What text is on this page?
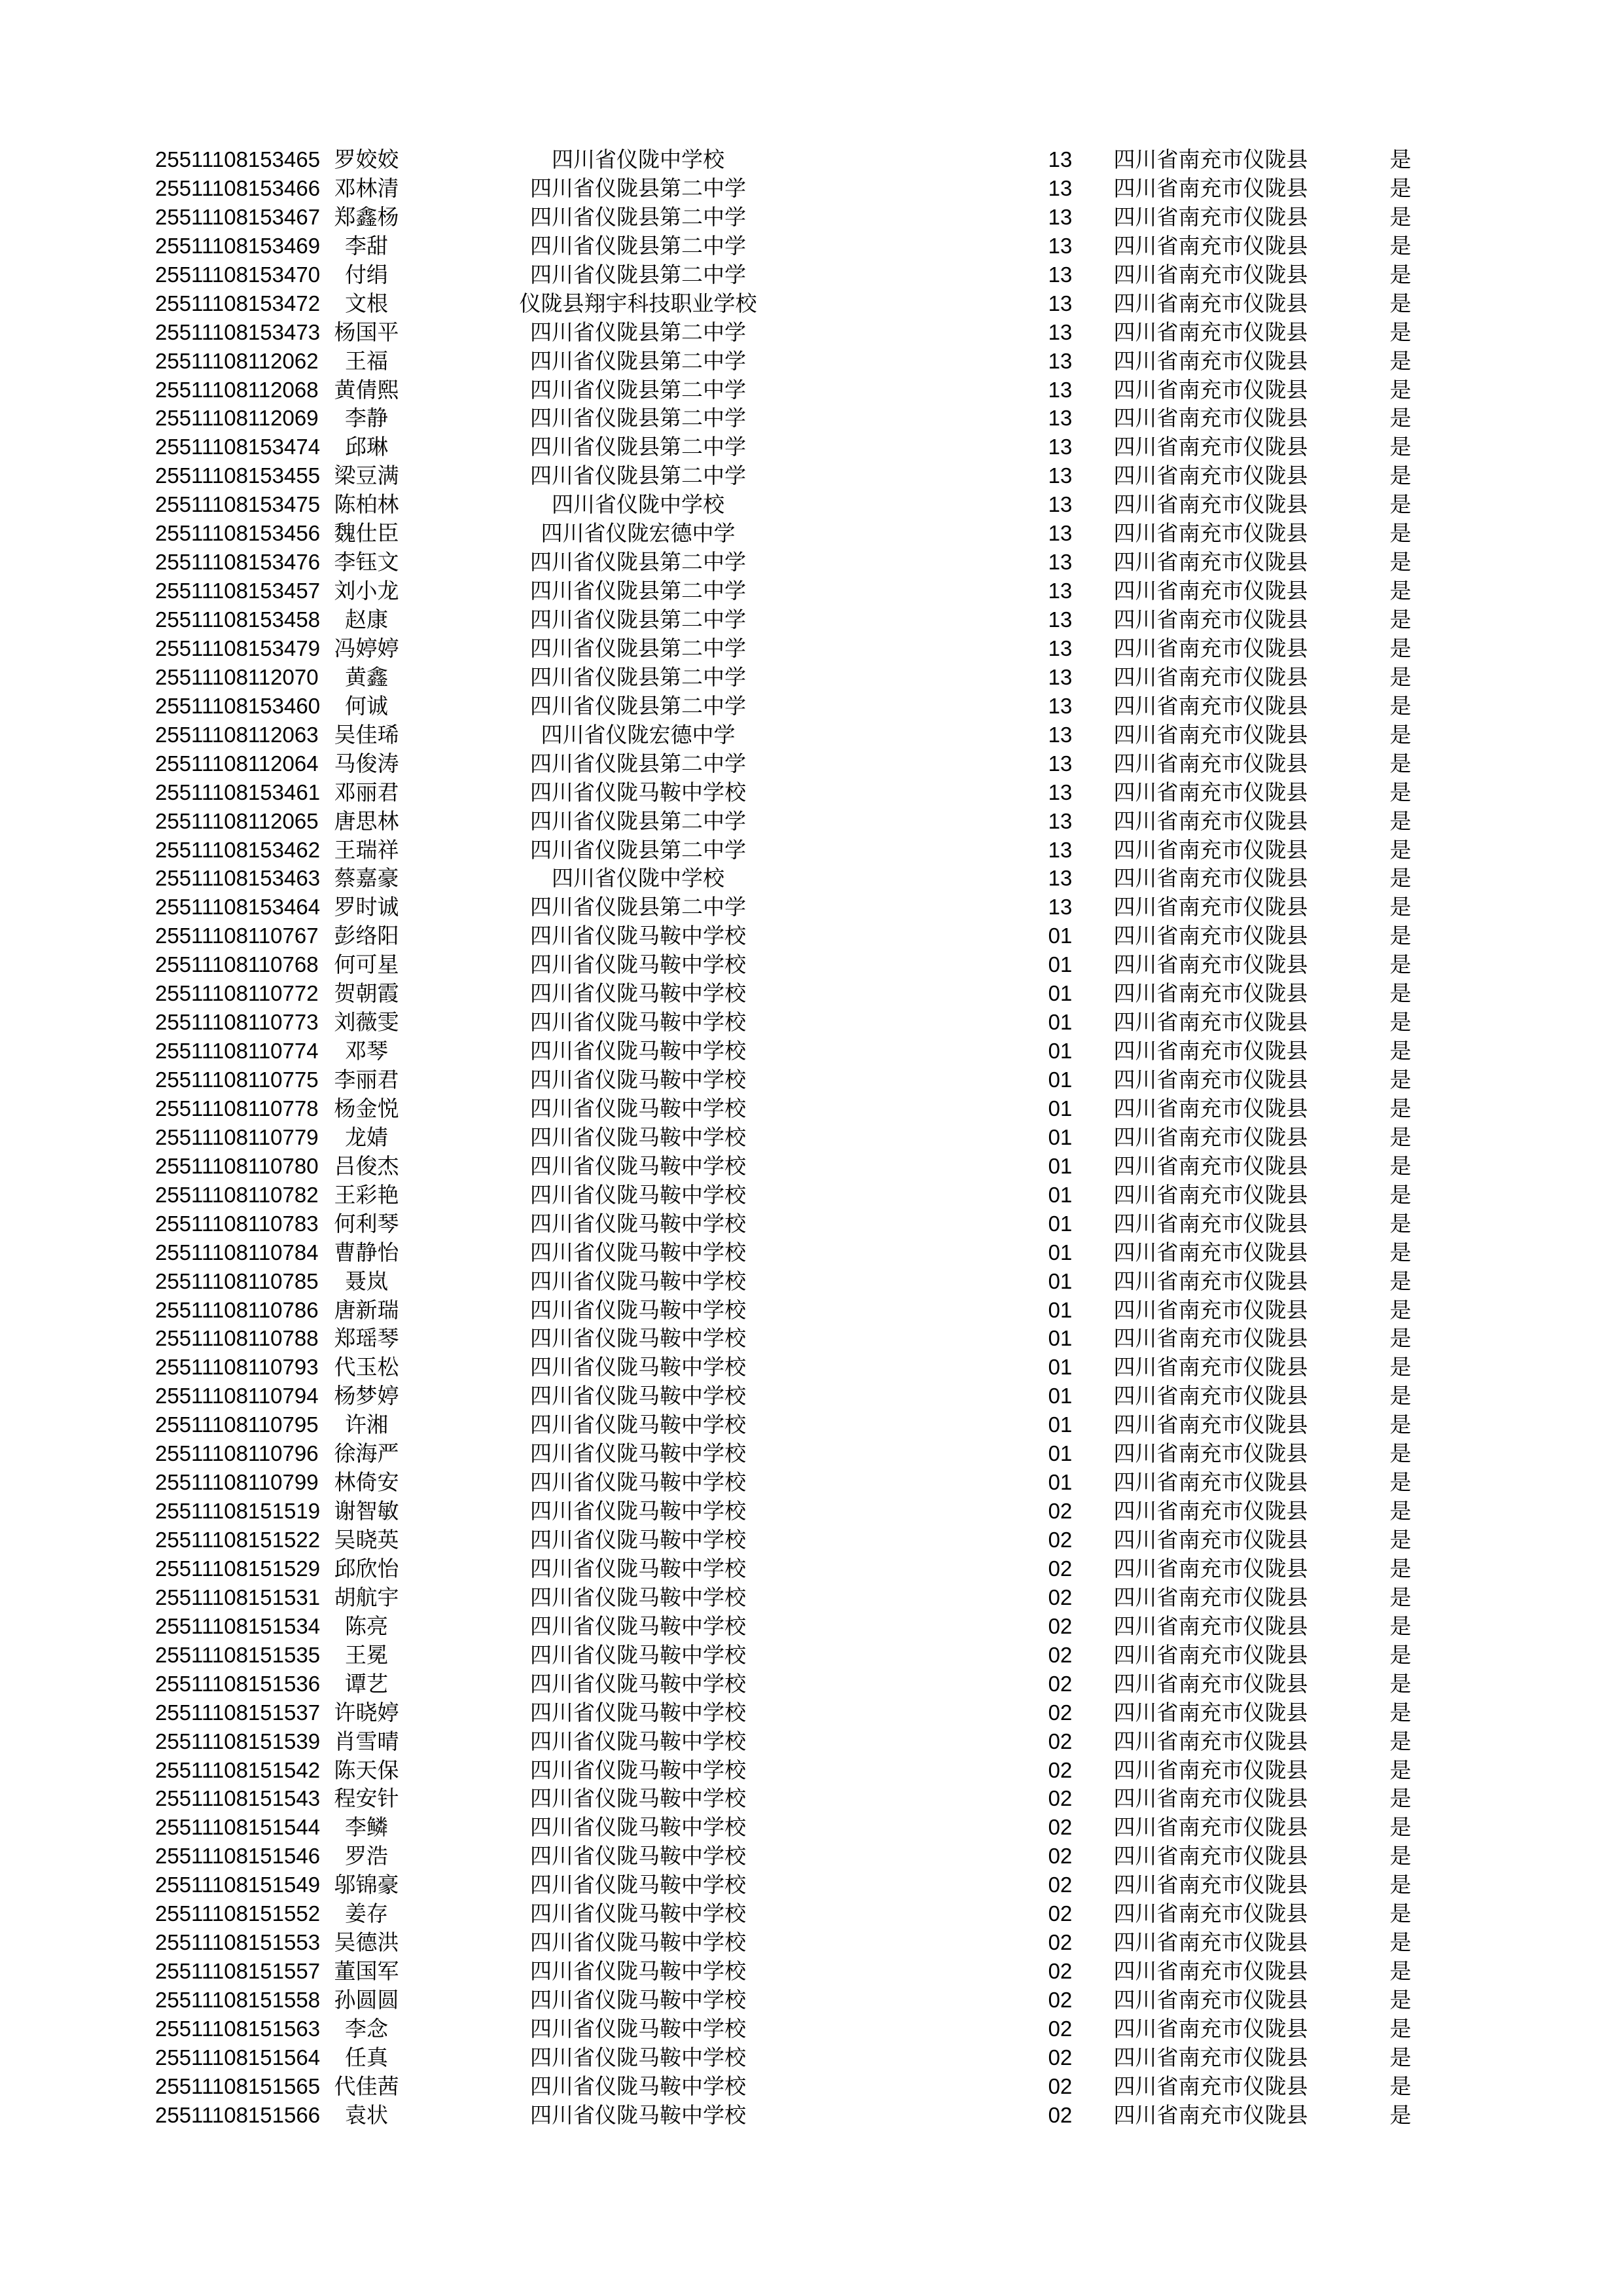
25511108153465 罗姣姣	四川省仪陇中学校	13	四川省南充市仪陇县	是
25511108153466 邓林清	四川省仪陇县第二中学	13	四川省南充市仪陇县	是
25511108153467 郑鑫杨	四川省仪陇县第二中学	13	四川省南充市仪陇县	是
25511108153469	李甜	四川省仪陇县第二中学	13	四川省南充市仪陇县	是
25511108153470	付绢	四川省仪陇县第二中学	13	四川省南充市仪陇县	是
25511108153472	文根	仪陇县翔宇科技职业学校	13	四川省南充市仪陇县	是
25511108153473 杨国平	四川省仪陇县第二中学	13	四川省南充市仪陇县	是
25511108112062	王福	四川省仪陇县第二中学	13	四川省南充市仪陇县	是
25511108112068 黄倩熙	四川省仪陇县第二中学	13	四川省南充市仪陇县	是
25511108112069	李静	四川省仪陇县第二中学	13	四川省南充市仪陇县	是
25511108153474	邱琳	四川省仪陇县第二中学	13	四川省南充市仪陇县	是
25511108153455 梁豆满	四川省仪陇县第二中学	13	四川省南充市仪陇县	是
25511108153475 陈柏林	四川省仪陇中学校	13	四川省南充市仪陇县	是
25511108153456 魏仕臣	四川省仪陇宏德中学	13	四川省南充市仪陇县	是
25511108153476 李钰文	四川省仪陇县第二中学	13	四川省南充市仪陇县	是
25511108153457 刘小龙	四川省仪陇县第二中学	13	四川省南充市仪陇县	是
25511108153458	赵康	四川省仪陇县第二中学	13	四川省南充市仪陇县	是
25511108153479 冯婷婷	四川省仪陇县第二中学	13	四川省南充市仪陇县	是
25511108112070	黄鑫	四川省仪陇县第二中学	13	四川省南充市仪陇县	是
25511108153460	何诚	四川省仪陇县第二中学	13	四川省南充市仪陇县	是
25511108112063 吴佳琋	四川省仪陇宏德中学	13	四川省南充市仪陇县	是
25511108112064 马俊涛	四川省仪陇县第二中学	13	四川省南充市仪陇县	是
25511108153461 邓丽君	四川省仪陇马鞍中学校	13	四川省南充市仪陇县	是
25511108112065 唐思林	四川省仪陇县第二中学	13	四川省南充市仪陇县	是
25511108153462 王瑞祥	四川省仪陇县第二中学	13	四川省南充市仪陇县	是
25511108153463 蔡嘉豪	四川省仪陇中学校	13	四川省南充市仪陇县	是
25511108153464 罗时诚	四川省仪陇县第二中学	13	四川省南充市仪陇县	是
25511108110767 彭络阳	四川省仪陇马鞍中学校	01	四川省南充市仪陇县	是
25511108110768 何可星	四川省仪陇马鞍中学校	01	四川省南充市仪陇县	是
25511108110772 贺朝霞	四川省仪陇马鞍中学校	01	四川省南充市仪陇县	是
25511108110773 刘薇雯	四川省仪陇马鞍中学校	01	四川省南充市仪陇县	是
25511108110774	邓琴	四川省仪陇马鞍中学校	01	四川省南充市仪陇县	是
25511108110775 李丽君	四川省仪陇马鞍中学校	01	四川省南充市仪陇县	是
25511108110778 杨金悦	四川省仪陇马鞍中学校	01	四川省南充市仪陇县	是
25511108110779	龙婧	四川省仪陇马鞍中学校	01	四川省南充市仪陇县	是
25511108110780 吕俊杰	四川省仪陇马鞍中学校	01	四川省南充市仪陇县	是
25511108110782 王彩艳	四川省仪陇马鞍中学校	01	四川省南充市仪陇县	是
25511108110783 何利琴	四川省仪陇马鞍中学校	01	四川省南充市仪陇县	是
25511108110784 曹静怡	四川省仪陇马鞍中学校	01	四川省南充市仪陇县	是
25511108110785	聂岚	四川省仪陇马鞍中学校	01	四川省南充市仪陇县	是
25511108110786 唐新瑞	四川省仪陇马鞍中学校	01	四川省南充市仪陇县	是
25511108110788 郑瑶琴	四川省仪陇马鞍中学校	01	四川省南充市仪陇县	是
25511108110793 代玉松	四川省仪陇马鞍中学校	01	四川省南充市仪陇县	是
25511108110794 杨梦婷	四川省仪陇马鞍中学校	01	四川省南充市仪陇县	是
25511108110795	许湘	四川省仪陇马鞍中学校	01	四川省南充市仪陇县	是
25511108110796 徐海严	四川省仪陇马鞍中学校	01	四川省南充市仪陇县	是
25511108110799 林倚安	四川省仪陇马鞍中学校	01	四川省南充市仪陇县	是
25511108151519 谢智敏	四川省仪陇马鞍中学校	02	四川省南充市仪陇县	是
25511108151522 吴晓英	四川省仪陇马鞍中学校	02	四川省南充市仪陇县	是
25511108151529 邱欣怡	四川省仪陇马鞍中学校	02	四川省南充市仪陇县	是
25511108151531 胡航宇	四川省仪陇马鞍中学校	02	四川省南充市仪陇县	是
25511108151534	陈亮	四川省仪陇马鞍中学校	02	四川省南充市仪陇县	是
25511108151535	王冕	四川省仪陇马鞍中学校	02	四川省南充市仪陇县	是
25511108151536	谭艺	四川省仪陇马鞍中学校	02	四川省南充市仪陇县	是
25511108151537 许晓婷	四川省仪陇马鞍中学校	02	四川省南充市仪陇县	是
25511108151539 肖雪晴	四川省仪陇马鞍中学校	02	四川省南充市仪陇县	是
25511108151542 陈天保	四川省仪陇马鞍中学校	02	四川省南充市仪陇县	是
25511108151543 程安针	四川省仪陇马鞍中学校	02	四川省南充市仪陇县	是
25511108151544	李鳞	四川省仪陇马鞍中学校	02	四川省南充市仪陇县	是
25511108151546	罗浩	四川省仪陇马鞍中学校	02	四川省南充市仪陇县	是
25511108151549 邬锦豪	四川省仪陇马鞍中学校	02	四川省南充市仪陇县	是
25511108151552	姜存	四川省仪陇马鞍中学校	02	四川省南充市仪陇县	是
25511108151553 吴德洪	四川省仪陇马鞍中学校	02	四川省南充市仪陇县	是
25511108151557 董国军	四川省仪陇马鞍中学校	02	四川省南充市仪陇县	是
25511108151558 孙圆圆	四川省仪陇马鞍中学校	02	四川省南充市仪陇县	是
25511108151563	李念	四川省仪陇马鞍中学校	02	四川省南充市仪陇县	是
25511108151564	任真	四川省仪陇马鞍中学校	02	四川省南充市仪陇县	是
25511108151565 代佳茜	四川省仪陇马鞍中学校	02	四川省南充市仪陇县	是
25511108151566	袁状	四川省仪陇马鞍中学校	02	四川省南充市仪陇县	是
